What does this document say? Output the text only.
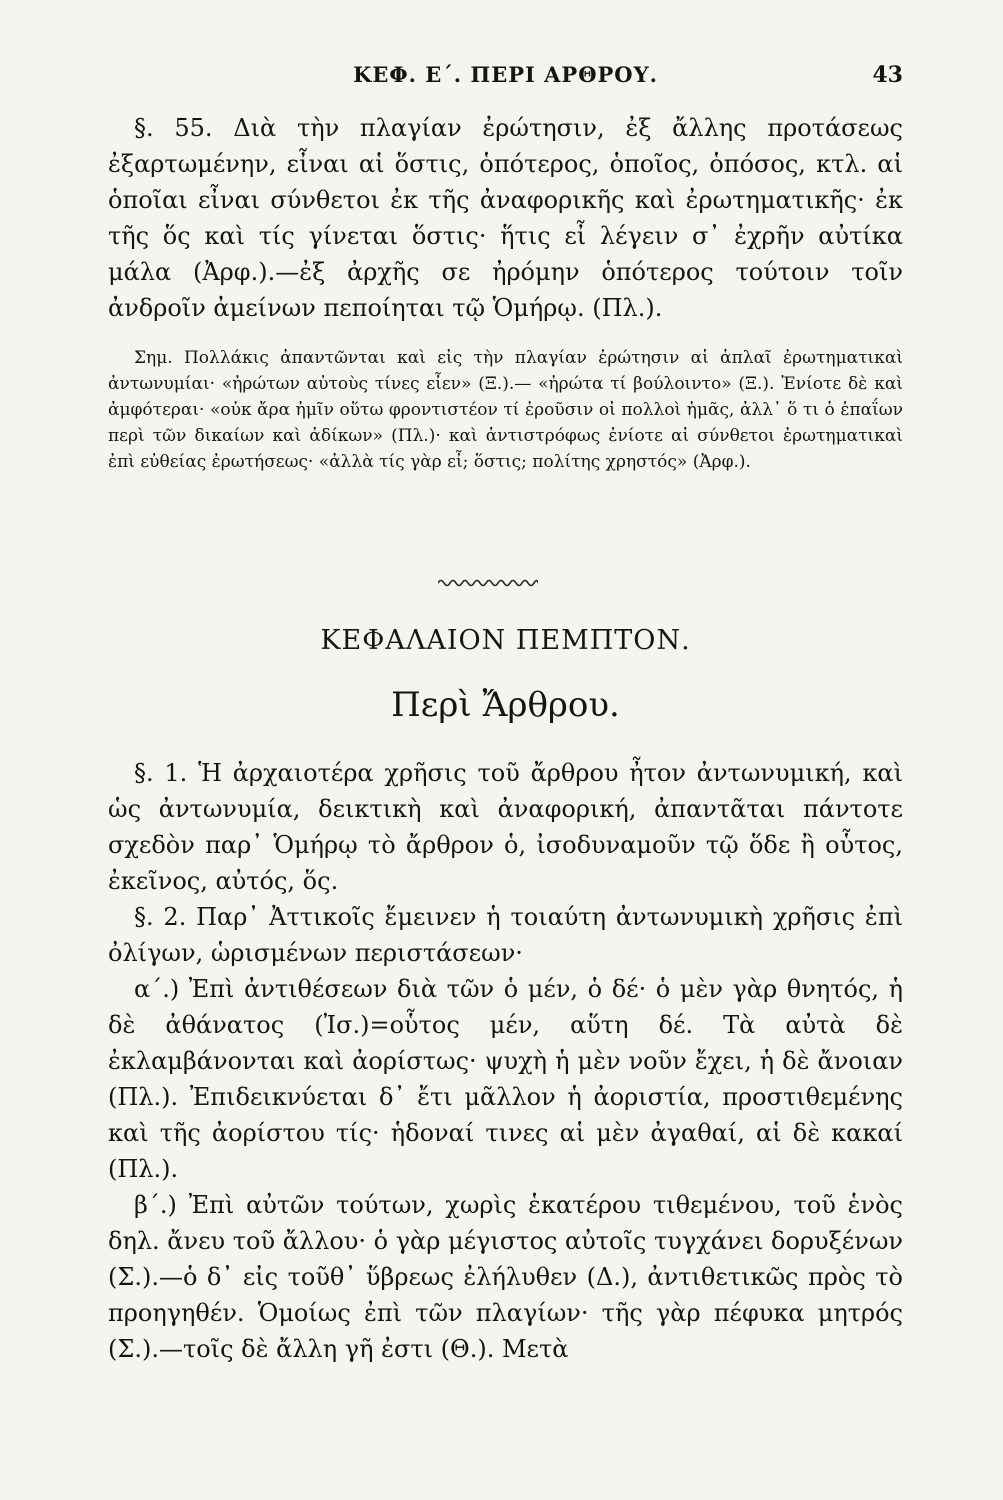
ΚΕΦ. Ε΄. ΠΕΡΙ ΑΡΘΡΟΥ.	43

§. 55. Διὰ τὴν πλαγίαν ἐρώτησιν, ἐξ ἄλλης προτάσεως ἐξαρτωμένην, εἶναι αἱ ὅστις, ὁπότερος, ὁποῖος, ὁπόσος, κτλ. αἱ ὁποῖαι εἶναι σύνθετοι ἐκ τῆς ἀναφορικῆς καὶ ἐρωτηματικῆς· ἐκ τῆς ὅς καὶ τίς γίνεται ὅστις· ἥτις εἶ λέγειν σ᾽ ἐχρῆν αὐτίκα μάλα (Ἀρφ.).—ἐξ ἀρχῆς σε ἠρόμην ὁπότερος τούτοιν τοῖν ἀνδροῖν ἀμείνων πεποίηται τῷ Ὁμήρῳ. (Πλ.).

Σημ. Πολλάκις ἀπαντῶνται καὶ εἰς τὴν πλαγίαν ἐρώτησιν αἱ ἁπλαῖ ἐρωτηματικαὶ ἀντωνυμίαι· «ἠρώτων αὐτοὺς τίνες εἶεν» (Ξ.).— «ἠρώτα τί βούλοιντο» (Ξ.). Ἐνίοτε δὲ καὶ ἀμφότεραι· «οὐκ ἄρα ἡμῖν οὕτω φροντιστέον τί ἐροῦσιν οἱ πολλοὶ ἡμᾶς, ἀλλ᾽ ὅ τι ὁ ἐπαΐων περὶ τῶν δικαίων καὶ ἀδίκων» (Πλ.)· καὶ ἀντιστρόφως ἐνίοτε αἱ σύνθετοι ἐρωτηματικαὶ ἐπὶ εὐθείας ἐρωτήσεως· «ἀλλὰ τίς γὰρ εἶ; ὅστις; πολίτης χρηστός» (Ἀρφ.).

ΚΕΦΑΛΑΙΟΝ ΠΕΜΠΤΟΝ.
Περὶ Ἄρθρου.

§. 1. Ἡ ἀρχαιοτέρα χρῆσις τοῦ ἄρθρου ἦτον ἀντωνυμική, καὶ ὡς ἀντωνυμία, δεικτικὴ καὶ ἀναφορική, ἀπαντᾶται πάντοτε σχεδὸν παρ᾽ Ὁμήρῳ τὸ ἄρθρον ὁ, ἰσοδυναμοῦν τῷ ὅδε ἢ οὗτος, ἐκεῖνος, αὐτός, ὅς.

§. 2. Παρ᾽ Ἀττικοῖς ἔμεινεν ἡ τοιαύτη ἀντωνυμικὴ χρῆσις ἐπὶ ὀλίγων, ὡρισμένων περιστάσεων·

α΄.) Ἐπὶ ἀντιθέσεων διὰ τῶν ὁ μέν, ὁ δέ· ὁ μὲν γὰρ θνητός, ἡ δὲ ἀθάνατος (Ἰσ.)=οὗτος μέν, αὕτη δέ. Τὰ αὐτὰ δὲ ἐκλαμβάνονται καὶ ἀορίστως· ψυχὴ ἡ μὲν νοῦν ἔχει, ἡ δὲ ἄνοιαν (Πλ.). Ἐπιδεικνύεται δ᾽ ἔτι μᾶλλον ἡ ἀοριστία, προστιθεμένης καὶ τῆς ἀορίστου τίς· ἡδοναί τινες αἱ μὲν ἀγαθαί, αἱ δὲ κακαί (Πλ.).

β΄.) Ἐπὶ αὐτῶν τούτων, χωρὶς ἑκατέρου τιθεμένου, τοῦ ἑνὸς δηλ. ἄνευ τοῦ ἄλλου· ὁ γὰρ μέγιστος αὐτοῖς τυγχάνει δορυξένων (Σ.).—ὁ δ᾽ εἰς τοῦθ᾽ ὕβρεως ἐλήλυθεν (Δ.), ἀντιθετικῶς πρὸς τὸ προηγηθέν. Ὁμοίως ἐπὶ τῶν πλαγίων· τῆς γὰρ πέφυκα μητρός (Σ.).—τοῖς δὲ ἄλλη γῆ ἐστι (Θ.). Μετὰ
